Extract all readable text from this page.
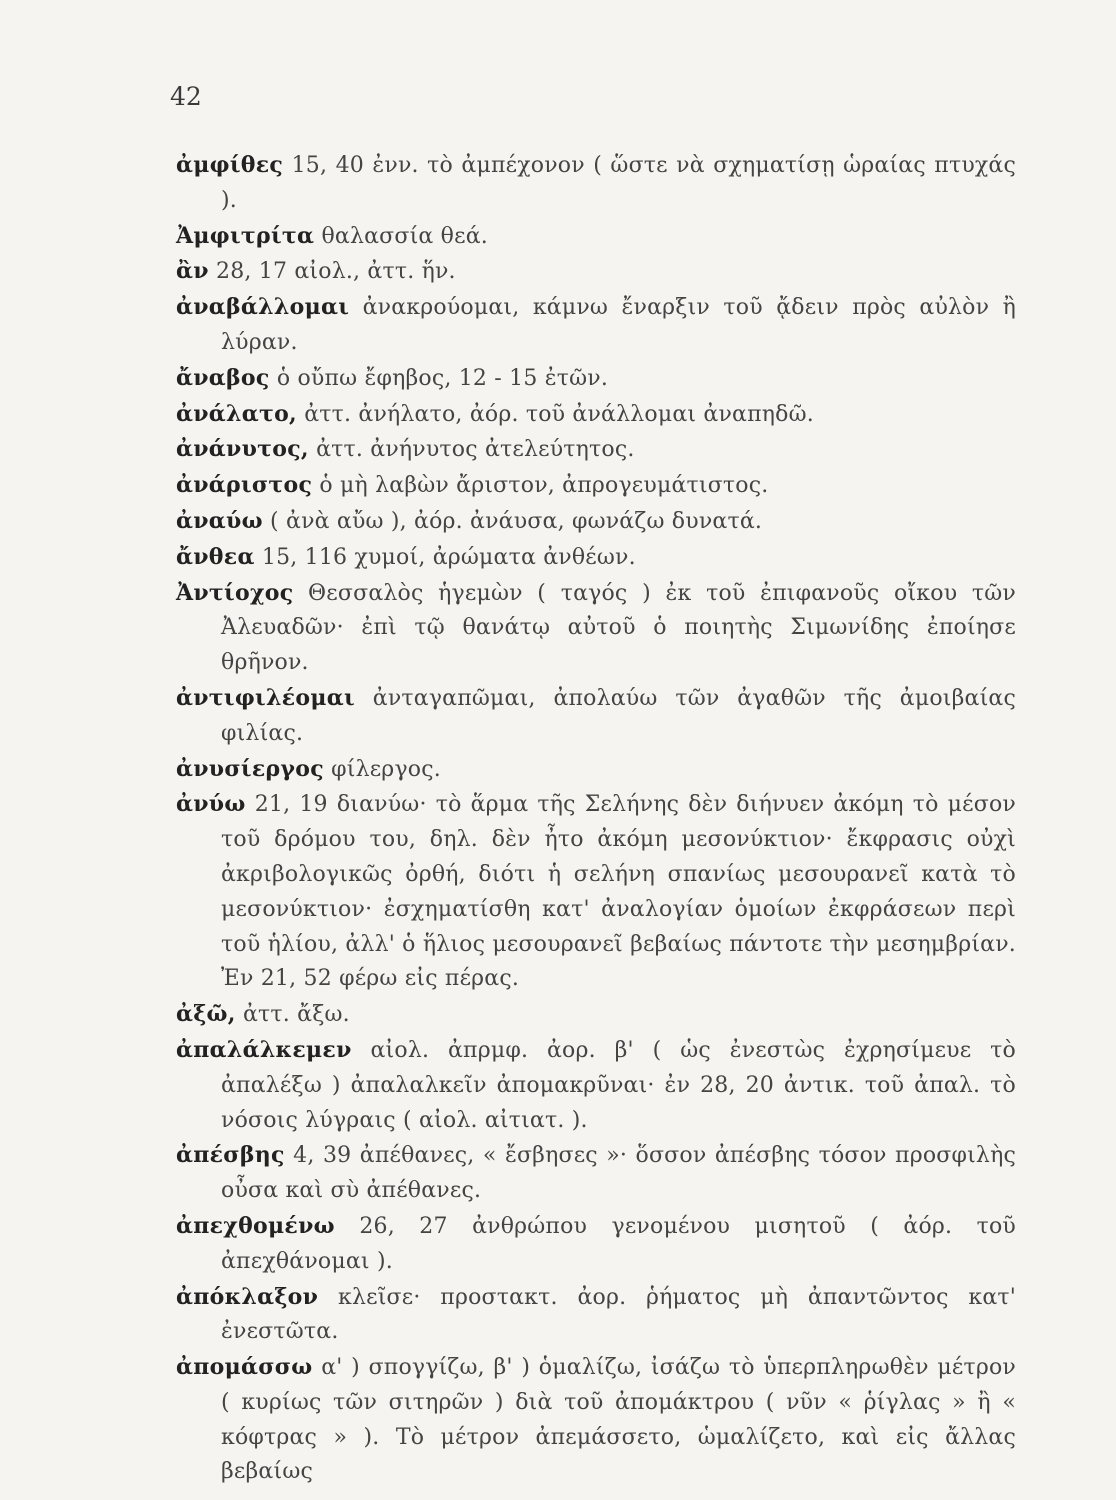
42
ἀμφίθες 15, 40 ἐνν. τὸ ἀμπέχονον ( ὥστε νὰ σχηματίσῃ ὡραίας πτυχάς ).
Ἀμφιτρίτα θαλασσία θεά.
ἂν 28, 17 αἰολ., ἀττ. ἥν.
ἀναβάλλομαι ἀνακρούομαι, κάμνω ἔναρξιν τοῦ ᾄδειν πρὸς αὐλὸν ἢ λύραν.
ἄναβος ὁ οὔπω ἔφηβος, 12 - 15 ἐτῶν.
ἀνάλατο, ἀττ. ἀνήλατο, ἀόρ. τοῦ ἀνάλλομαι ἀναπηδῶ.
ἀνάνυτος, ἀττ. ἀνήνυτος ἀτελεύτητος.
ἀνάριστος ὁ μὴ λαβὼν ἄριστον, ἀπρογευμάτιστος.
ἀναύω ( ἀνὰ αὔω ), ἀόρ. ἀνάυσα, φωνάζω δυνατά.
ἄνθεα 15, 116 χυμοί, ἀρώματα ἀνθέων.
Ἀντίοχος Θεσσαλὸς ἡγεμὼν ( ταγός ) ἐκ τοῦ ἐπιφανοῦς οἴκου τῶν Ἀλευαδῶν· ἐπὶ τῷ θανάτῳ αὐτοῦ ὁ ποιητὴς Σιμωνίδης ἐποίησε θρῆνον.
ἀντιφιλέομαι ἀνταγαπῶμαι, ἀπολαύω τῶν ἀγαθῶν τῆς ἀμοιβαίας φιλίας.
ἀνυσίεργος φίλεργος.
ἀνύω 21, 19 διανύω· τὸ ἅρμα τῆς Σελήνης δὲν διήνυεν ἀκόμη τὸ μέσον τοῦ δρόμου του, δηλ. δὲν ἦτο ἀκόμη μεσονύκτιον· ἔκφρασις οὐχὶ ἀκριβολογικῶς ὀρθή, διότι ἡ σελήνη σπανίως μεσουρανεῖ κατὰ τὸ μεσονύκτιον· ἐσχηματίσθη κατ' ἀναλογίαν ὁμοίων ἐκφράσεων περὶ τοῦ ἡλίου, ἀλλ' ὁ ἥλιος μεσουρανεῖ βεβαίως πάντοτε τὴν μεσημβρίαν. Ἐν 21, 52 φέρω εἰς πέρας.
ἀξῶ, ἀττ. ἄξω.
ἀπαλάλκεμεν αἰολ. ἀπρμφ. ἀορ. β' ( ὡς ἐνεστὼς ἐχρησίμευε τὸ ἀπαλέξω ) ἀπαλαλκεῖν ἀπομακρῦναι· ἐν 28, 20 ἀντικ. τοῦ ἀπαλ. τὸ νόσοις λύγραις ( αἰολ. αἰτιατ. ).
ἀπέσβης 4, 39 ἀπέθανες, « ἔσβησες »· ὅσσον ἀπέσβης τόσον προσφιλὴς οὖσα καὶ σὺ ἀπέθανες.
ἀπεχθομένω 26, 27 ἀνθρώπου γενομένου μισητοῦ ( ἀόρ. τοῦ ἀπεχθάνομαι ).
ἀπόκλαξον κλεῖσε· προστακτ. ἀορ. ῥήματος μὴ ἀπαντῶντος κατ' ἐνεστῶτα.
ἀπομάσσω α' ) σπογγίζω, β' ) ὁμαλίζω, ἰσάζω τὸ ὑπερπληρωθὲν μέτρον ( κυρίως τῶν σιτηρῶν ) διὰ τοῦ ἀπομάκτρου ( νῦν « ῥίγλας » ἢ « κόφτρας » ). Τὸ μέτρον ἀπεμάσσετο, ὡμαλίζετο, καὶ εἰς ἄλλας βεβαίως
